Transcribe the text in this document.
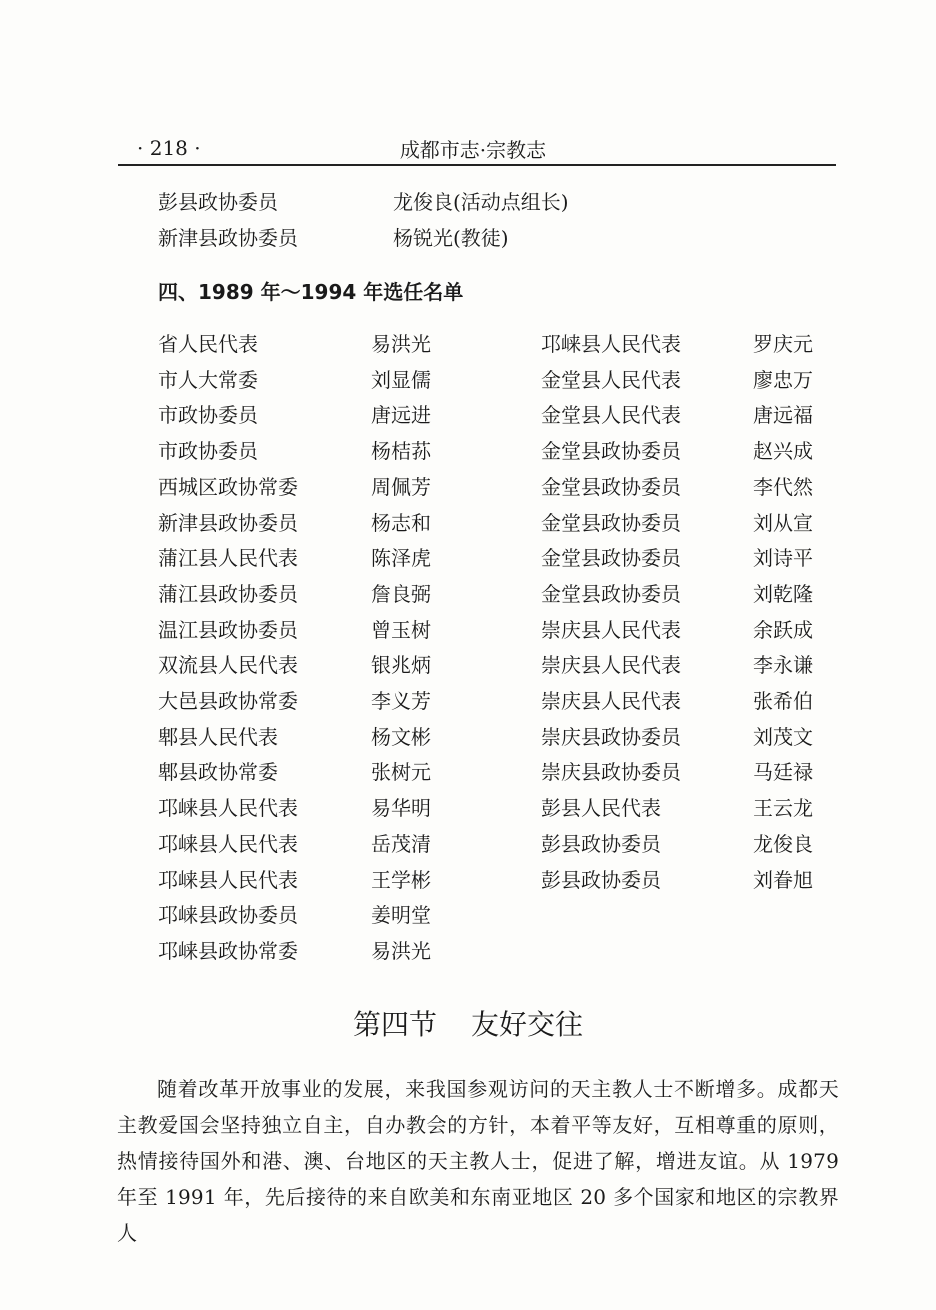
· 218 ·	成都市志·宗教志
彭县政协委员	龙俊良(活动点组长)
新津县政协委员	杨锐光(教徒)
四、1989 年～1994 年选任名单
省人民代表	易洪光
市人大常委	刘显儒
市政协委员	唐远进
市政协委员	杨桔荪
西城区政协常委	周佩芳
新津县政协委员	杨志和
蒲江县人民代表	陈泽虎
蒲江县政协委员	詹良弼
温江县政协委员	曾玉树
双流县人民代表	银兆炳
大邑县政协常委	李义芳
郫县人民代表	杨文彬
郫县政协常委	张树元
邛崃县人民代表	易华明
邛崃县人民代表	岳茂清
邛崃县人民代表	王学彬
邛崃县政协委员	姜明堂
邛崃县政协常委	易洪光
邛崃县人民代表	罗庆元
金堂县人民代表	廖忠万
金堂县人民代表	唐远福
金堂县政协委员	赵兴成
金堂县政协委员	李代然
金堂县政协委员	刘从宣
金堂县政协委员	刘诗平
金堂县政协委员	刘乾隆
崇庆县人民代表	余跃成
崇庆县人民代表	李永谦
崇庆县人民代表	张希伯
崇庆县政协委员	刘茂文
崇庆县政协委员	马廷禄
彭县人民代表	王云龙
彭县政协委员	龙俊良
彭县政协委员	刘眷旭
第四节 友好交往
随着改革开放事业的发展，来我国参观访问的天主教人士不断增多。成都天主教爱国会坚持独立自主，自办教会的方针，本着平等友好，互相尊重的原则，热情接待国外和港、澳、台地区的天主教人士，促进了解，增进友谊。从 1979 年至 1991 年，先后接待的来自欧美和东南亚地区 20 多个国家和地区的宗教界人
